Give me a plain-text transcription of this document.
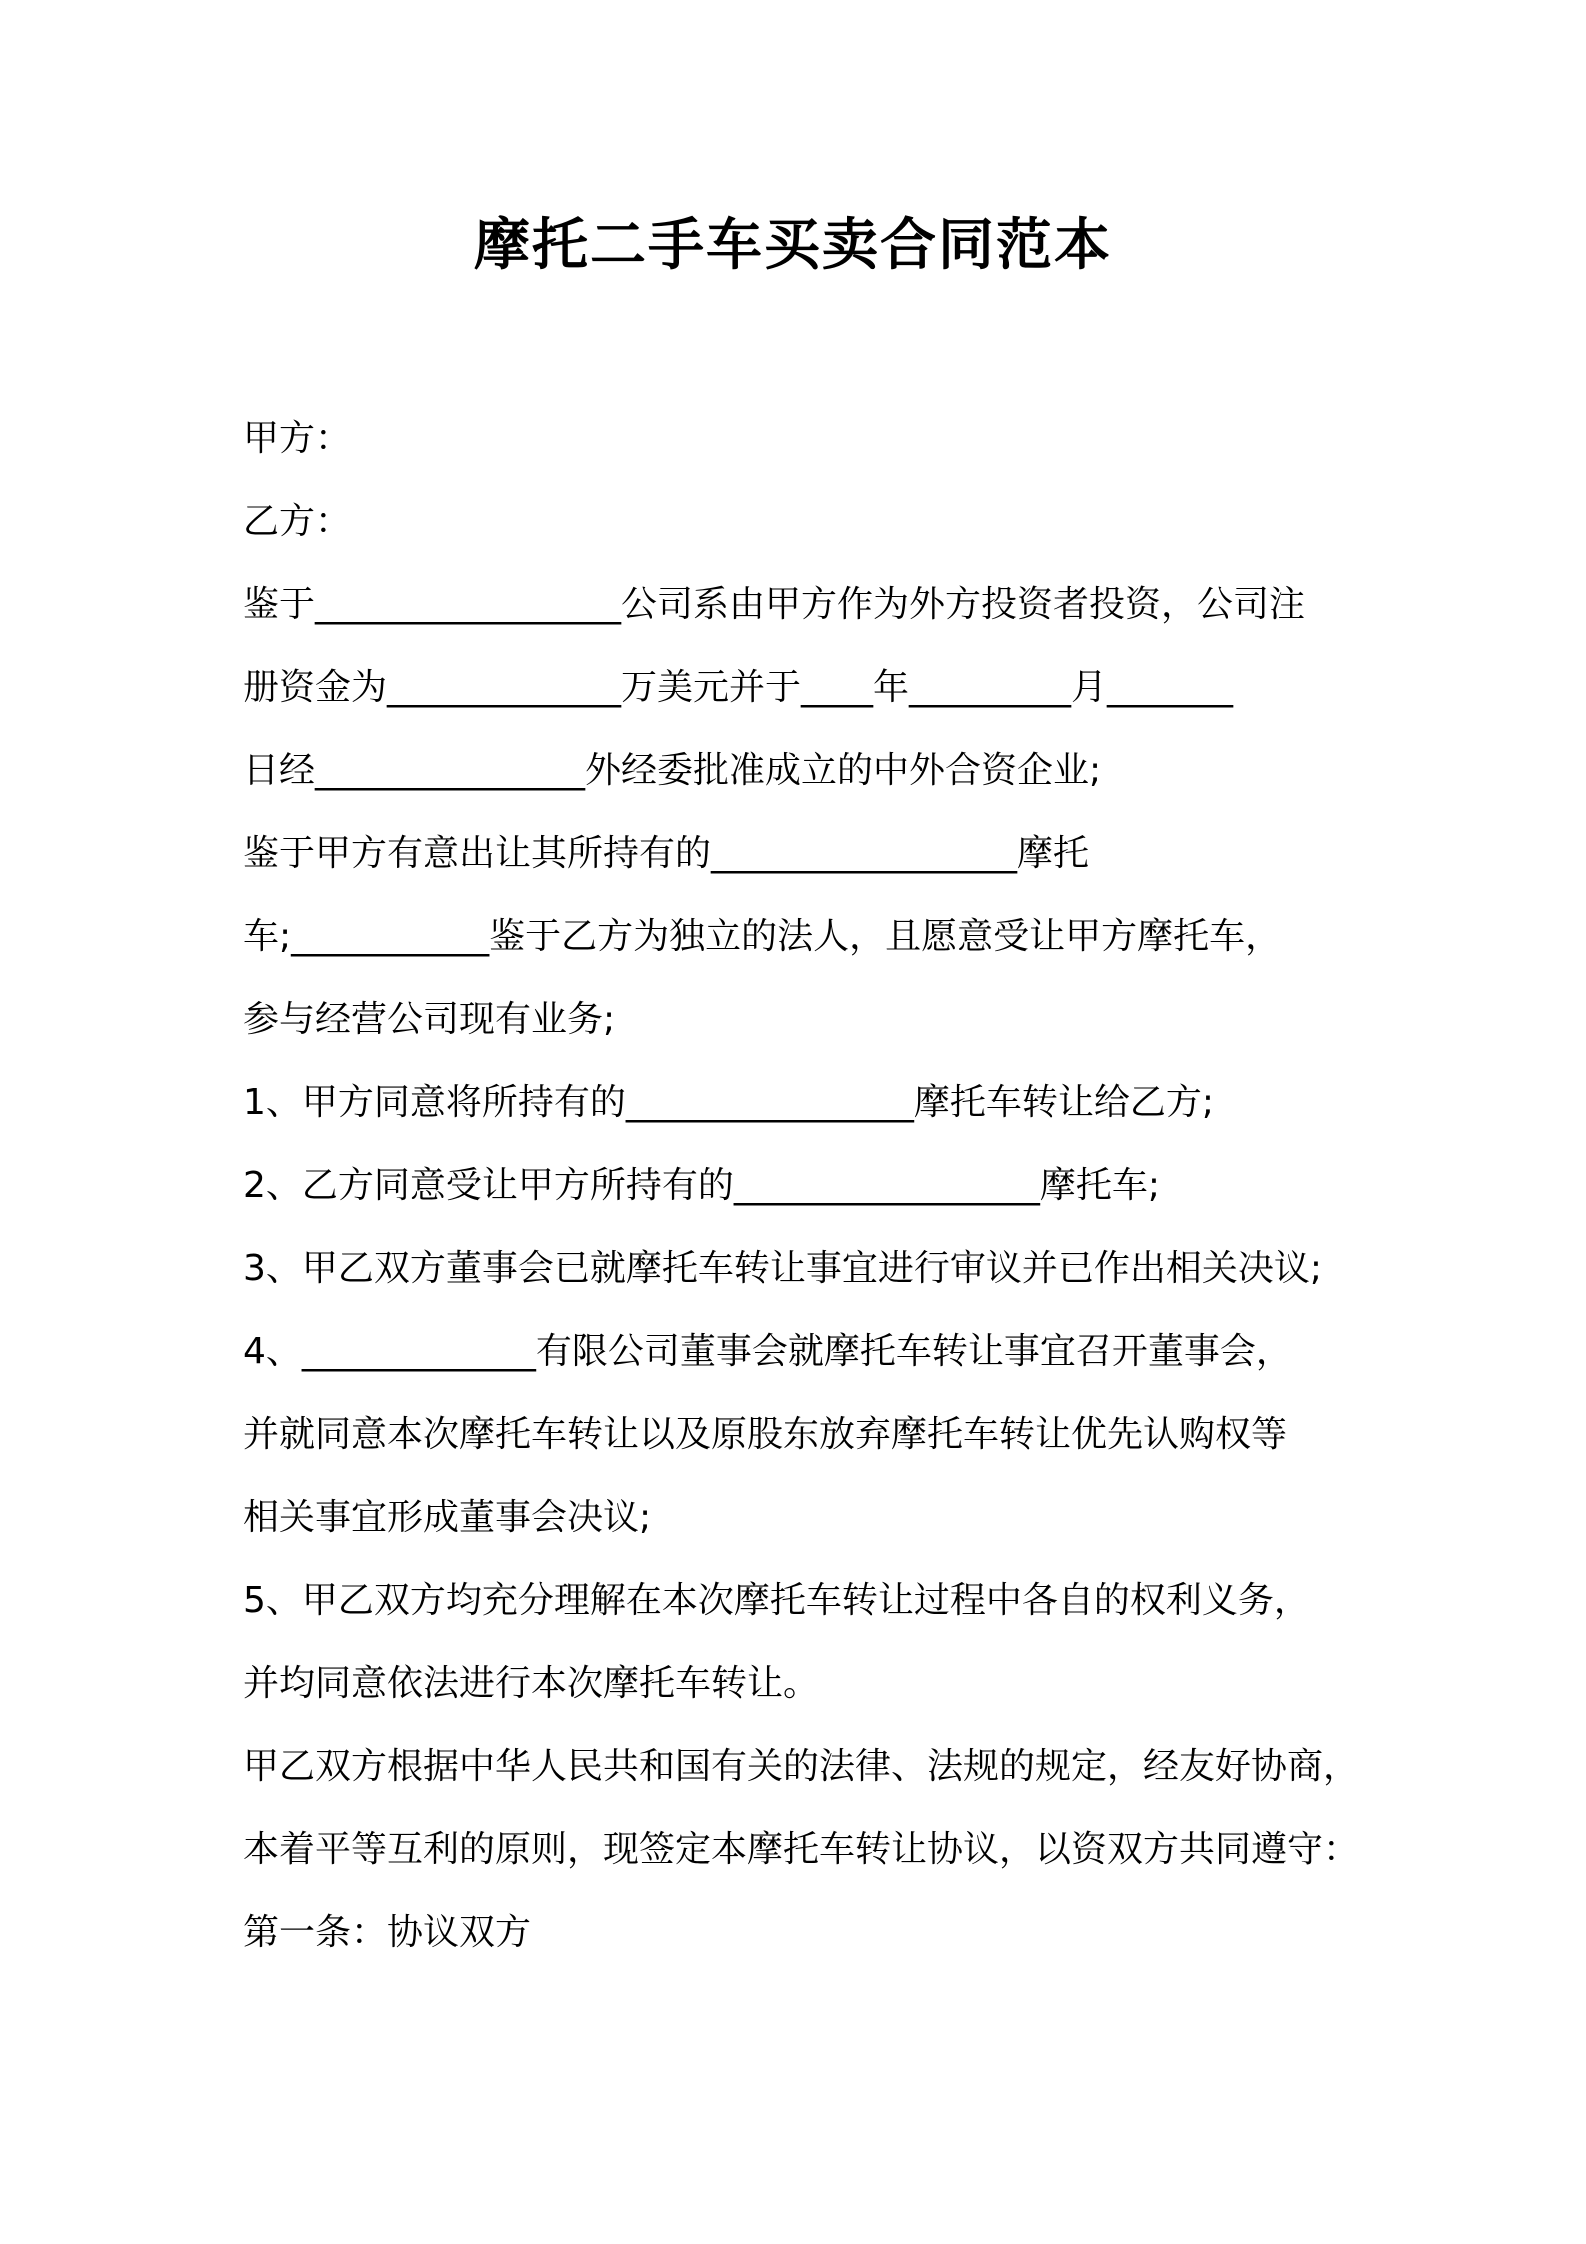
摩托二手车买卖合同范本
甲方：
乙方：
鉴于_________________公司系由甲方作为外方投资者投资，公司注
册资金为_____________万美元并于____年_________月_______
日经_______________外经委批准成立的中外合资企业;
鉴于甲方有意出让其所持有的_________________摩托
车;___________鉴于乙方为独立的法人，且愿意受让甲方摩托车，
参与经营公司现有业务;
1、甲方同意将所持有的________________摩托车转让给乙方;
2、乙方同意受让甲方所持有的_________________摩托车;
3、甲乙双方董事会已就摩托车转让事宜进行审议并已作出相关决议;
4、_____________有限公司董事会就摩托车转让事宜召开董事会，
并就同意本次摩托车转让以及原股东放弃摩托车转让优先认购权等
相关事宜形成董事会决议;
5、甲乙双方均充分理解在本次摩托车转让过程中各自的权利义务，
并均同意依法进行本次摩托车转让。
甲乙双方根据中华人民共和国有关的法律、法规的规定，经友好协商，
本着平等互利的原则，现签定本摩托车转让协议，以资双方共同遵守：
第一条：协议双方
